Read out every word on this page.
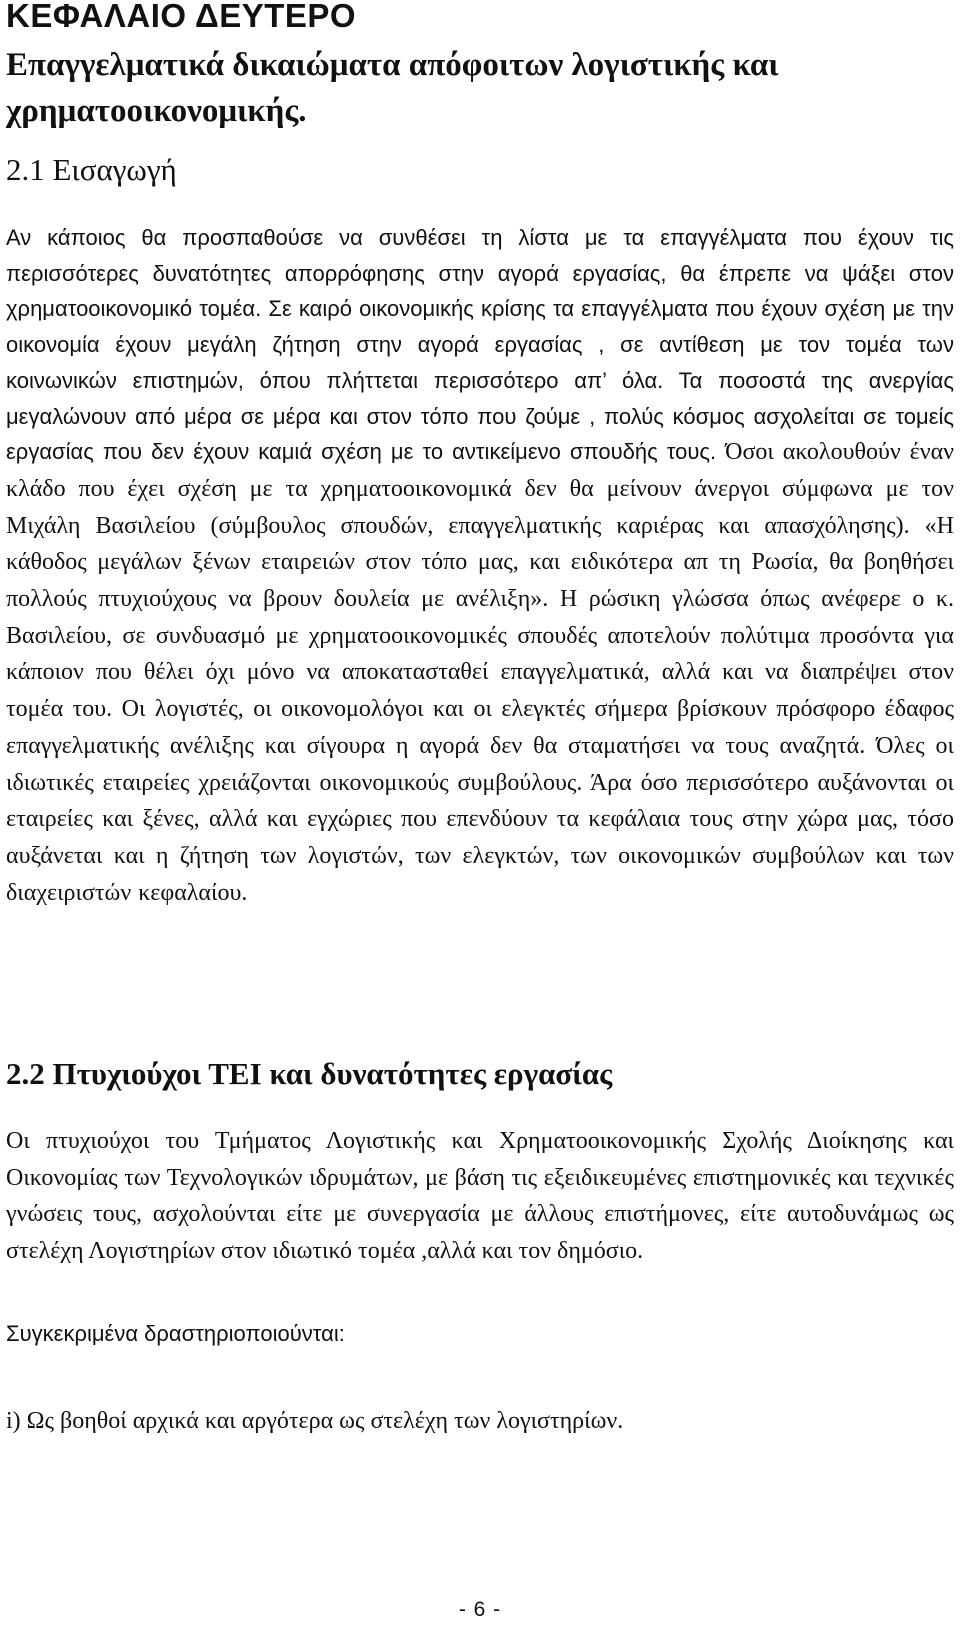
ΚΕΦΑΛΑΙΟ ΔΕΥΤΕΡΟ
Επαγγελματικά δικαιώματα απόφοιτων λογιστικής και χρηματοοικονομικής.
2.1 Εισαγωγή
Αν κάποιος θα προσπαθούσε να συνθέσει τη λίστα με τα επαγγέλματα που έχουν τις περισσότερες δυνατότητες απορρόφησης στην αγορά εργασίας, θα έπρεπε να ψάξει στον χρηματοοικονομικό τομέα. Σε καιρό οικονομικής κρίσης τα επαγγέλματα που έχουν σχέση με την οικονομία έχουν μεγάλη ζήτηση στην αγορά εργασίας , σε αντίθεση με τον τομέα των κοινωνικών επιστημών, όπου πλήττεται περισσότερο απ’ όλα. Τα ποσοστά της ανεργίας μεγαλώνουν από μέρα σε μέρα και στον τόπο που ζούμε , πολύς κόσμος ασχολείται σε τομείς εργασίας που δεν έχουν καμιά σχέση με το αντικείμενο σπουδής τους. Όσοι ακολουθούν έναν κλάδο που έχει σχέση με τα χρηματοοικονομικά δεν θα μείνουν άνεργοι σύμφωνα με τον Μιχάλη Βασιλείου (σύμβουλος σπουδών, επαγγελματικής καριέρας και απασχόλησης). «Η κάθοδος μεγάλων ξένων εταιρειών στον τόπο μας, και ειδικότερα απ τη Ρωσία, θα βοηθήσει πολλούς πτυχιούχους να βρουν δουλεία με ανέλιξη». Η ρώσικη γλώσσα όπως ανέφερε ο κ. Βασιλείου, σε συνδυασμό με χρηματοοικονομικές σπουδές αποτελούν πολύτιμα προσόντα για κάποιον που θέλει όχι μόνο να αποκατασταθεί επαγγελματικά, αλλά και να διαπρέψει στον τομέα του. Οι λογιστές, οι οικονομολόγοι και οι ελεγκτές σήμερα βρίσκουν πρόσφορο έδαφος επαγγελματικής ανέλιξης και σίγουρα η αγορά δεν θα σταματήσει να τους αναζητά. Όλες οι ιδιωτικές εταιρείες χρειάζονται οικονομικούς συμβούλους. Άρα όσο περισσότερο αυξάνονται οι εταιρείες και ξένες, αλλά και εγχώριες που επενδύουν τα κεφάλαια τους στην χώρα μας, τόσο αυξάνεται και η ζήτηση των λογιστών, των ελεγκτών, των οικονομικών συμβούλων και των διαχειριστών κεφαλαίου.
2.2 Πτυχιούχοι ΤΕΙ και δυνατότητες εργασίας
Οι πτυχιούχοι του Τμήματος Λογιστικής και Χρηματοοικονομικής Σχολής Διοίκησης και Οικονομίας των Τεχνολογικών ιδρυμάτων, με βάση τις εξειδικευμένες επιστημονικές και τεχνικές γνώσεις τους, ασχολούνται είτε με συνεργασία με άλλους επιστήμονες, είτε αυτοδυνάμως ως στελέχη Λογιστηρίων στον ιδιωτικό τομέα ,αλλά και τον δημόσιο.
Συγκεκριμένα δραστηριοποιούνται:
i) Ως βοηθοί αρχικά και αργότερα ως στελέχη των λογιστηρίων.
- 6 -
